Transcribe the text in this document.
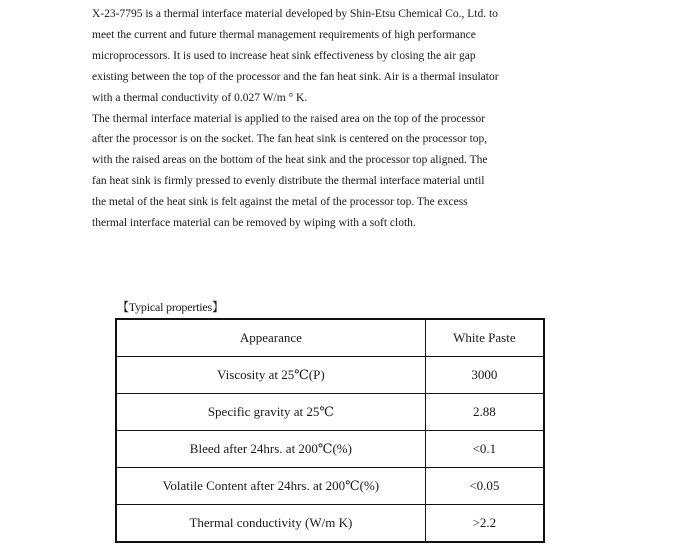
X-23-7795 is a thermal interface material developed by Shin-Etsu Chemical Co., Ltd. to
meet the current and future thermal management requirements of high performance
microprocessors. It is used to increase heat sink effectiveness by closing the air gap
existing between the top of the processor and the fan heat sink. Air is a thermal insulator
with a thermal conductivity of 0.027 W/m ° K.
The thermal interface material is applied to the raised area on the top of the processor
after the processor is on the socket. The fan heat sink is centered on the processor top,
with the raised areas on the bottom of the heat sink and the processor top aligned. The
fan heat sink is firmly pressed to evenly distribute the thermal interface material until
the metal of the heat sink is felt against the metal of the processor top. The excess
thermal interface material can be removed by wiping with a soft cloth.
【Typical properties】
Appearance	White Paste
Viscosity at 25℃(P)	3000
Specific gravity at 25℃	2.88
Bleed after 24hrs. at 200℃(%)	<0.1
Volatile Content after 24hrs. at 200℃(%)	<0.05
Thermal conductivity (W/m K)	>2.2
